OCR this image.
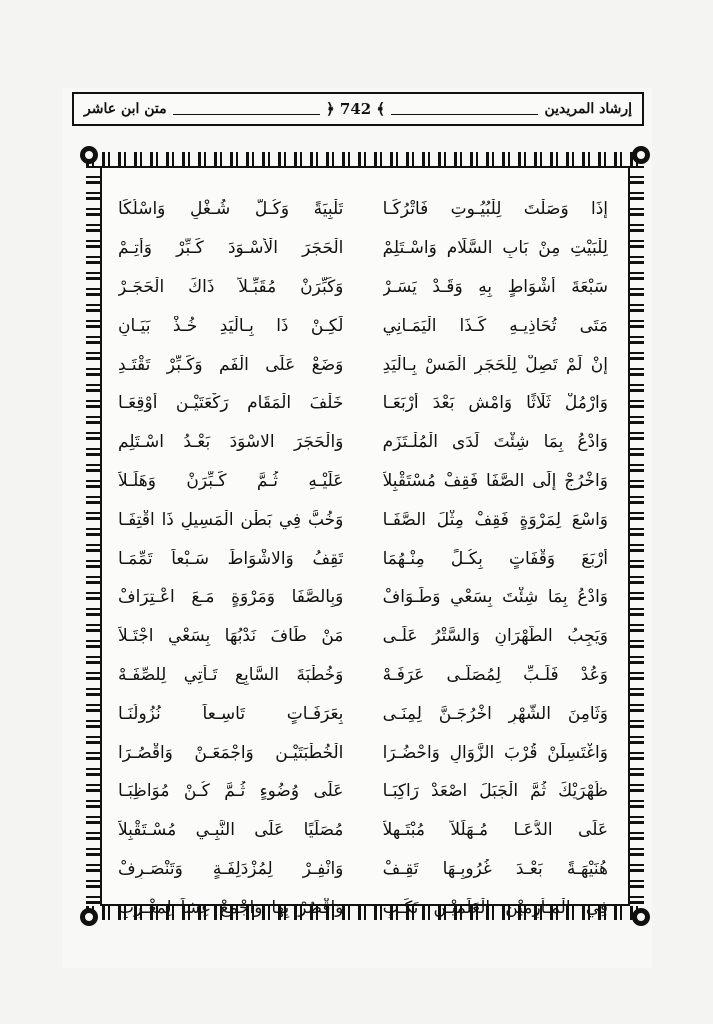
إرشاد المريدين
﴿ 742 ﴾
متن ابن عاشر
إِذَا وَصَلْتَ لِلْبُيُـوتِ فَاتْرُكَـا
تَلْبِيَةً وَكُـلَّ شُـغْلٍ وَاسْلُكَا
لِلْبَيْتِ مِنْ بَابِ السَّلَامِ وَاسْـتَلِمْ
الْحَجَرَ الْأَسْـوَدَ كَـبِّرْ وَأَتِـمْ
سَبْعَةَ أَشْوَاطٍ بِهِ وَقَـدْ يَسَـرْ
وَكَبِّرَنْ مُقَبِّـلاً ذَاكَ الْحَجَـرْ
مَتَى تُحَاذِيـهِ كَـذَا الْيَمَـانِي
لَكِـنْ ذَا بِـالْيَدِ خُـذْ بَيَـانِ
إِنْ لَمْ تَصِلْ لِلْحَجَرِ الْمَسْ بِـالْيَدِ
وَضَعْ عَلَى الْفَمِ وَكَـبِّرْ تَقْتَـدِ
وَارْمُلْ ثَلَاثًا وَامْشِ بَعْدَ أَرْبَعَـا
خَلْفَ الْمَقَامِ رَكْعَتَيْـنِ أَوْقِعَـا
وَادْعُ بِمَا شِئْتَ لَدَى الْمُلْـتَزَمِ
وَالْحَجَرَ الاسْوَدَ بَعْـدُ اسْـتَلِمِ
وَاخْرُجْ إِلَى الصَّفَا فَقِفْ مُسْتَقْبِلاً
عَلَيْـهِ ثُـمَّ كَـبِّرَنْ وَهَلِّـلاَ
وَاسْعَ لِمَرْوَةٍ فَقِفْ مِثْلَ الصَّفَـا
وَخُبَّ فِي بَطْنِ الْمَسِيلِ ذَا اقْتِفَـا
أَرْبَعَ وَقْفَاتٍ بِكُـلٍّ مِنْـهُمَا
تَقِفُ وَالاشْوَاطَ سَـبْعاً تَمِّمَـا
وَادْعُ بِمَا شِئْتَ بِسَعْيٍ وَطَـوَافْ
وَبِالصَّفَا وَمَرْوَةٍ مَـعَ اعْـتِرَافْ
وَيَجِبُ الطُّهْرَانِ وَالسَّتْرُ عَلَـى
مَنْ طَافَ نَدْبُهَا بِسَعْيٍ اجْتَـلاَ
وَعُدْ فَلَـبِّ لِمُصَلَّـى عَرَفَـهْ
وَخُطْبَةَ السَّابِعِ تَـأْتِي لِلصِّفَـهْ
وَثَامِنَ الشَّهْرِ اخْرُجَـنَّ لِمِنَـى
بِعَرَفَـاتٍ تَاسِـعاً نُزُولُنَـا
وَاغْتَسِلَنْ قُرْبَ الزَّوَالِ وَاحْضُـرَا
الْخُطْبَتَيْـنِ وَاجْمَعَـنْ وَاقْصُـرَا
ظُهْرَيْكَ ثُمَّ الْجَبَلَ اصْعَدْ رَاكِبَـا
عَلَى وُضُوءٍ ثُـمَّ كُـنْ مُوَاظِبَـا
عَلَى الدُّعَـا مُـهَلِّلاً مُبْتَـهِلاً
مُصَلِّيًا عَلَى النَّبِـي مُسْـتَقْبِلاً
هُنَيْهَـةً بَعْـدَ غُرُوبِـهَا تَقِـفْ
وَانْفِـرْ لِمُزْدَلِفَـةٍ وَتَنْصَـرِفْ
فِي الْمَـأْزِمَيْنِ الْعَلَمَيْـنِ نَكِّـبِ
وَاقْصُرْ بِهَا وَاجْمَعْ عِشاً لِمَغْـرِبِ
